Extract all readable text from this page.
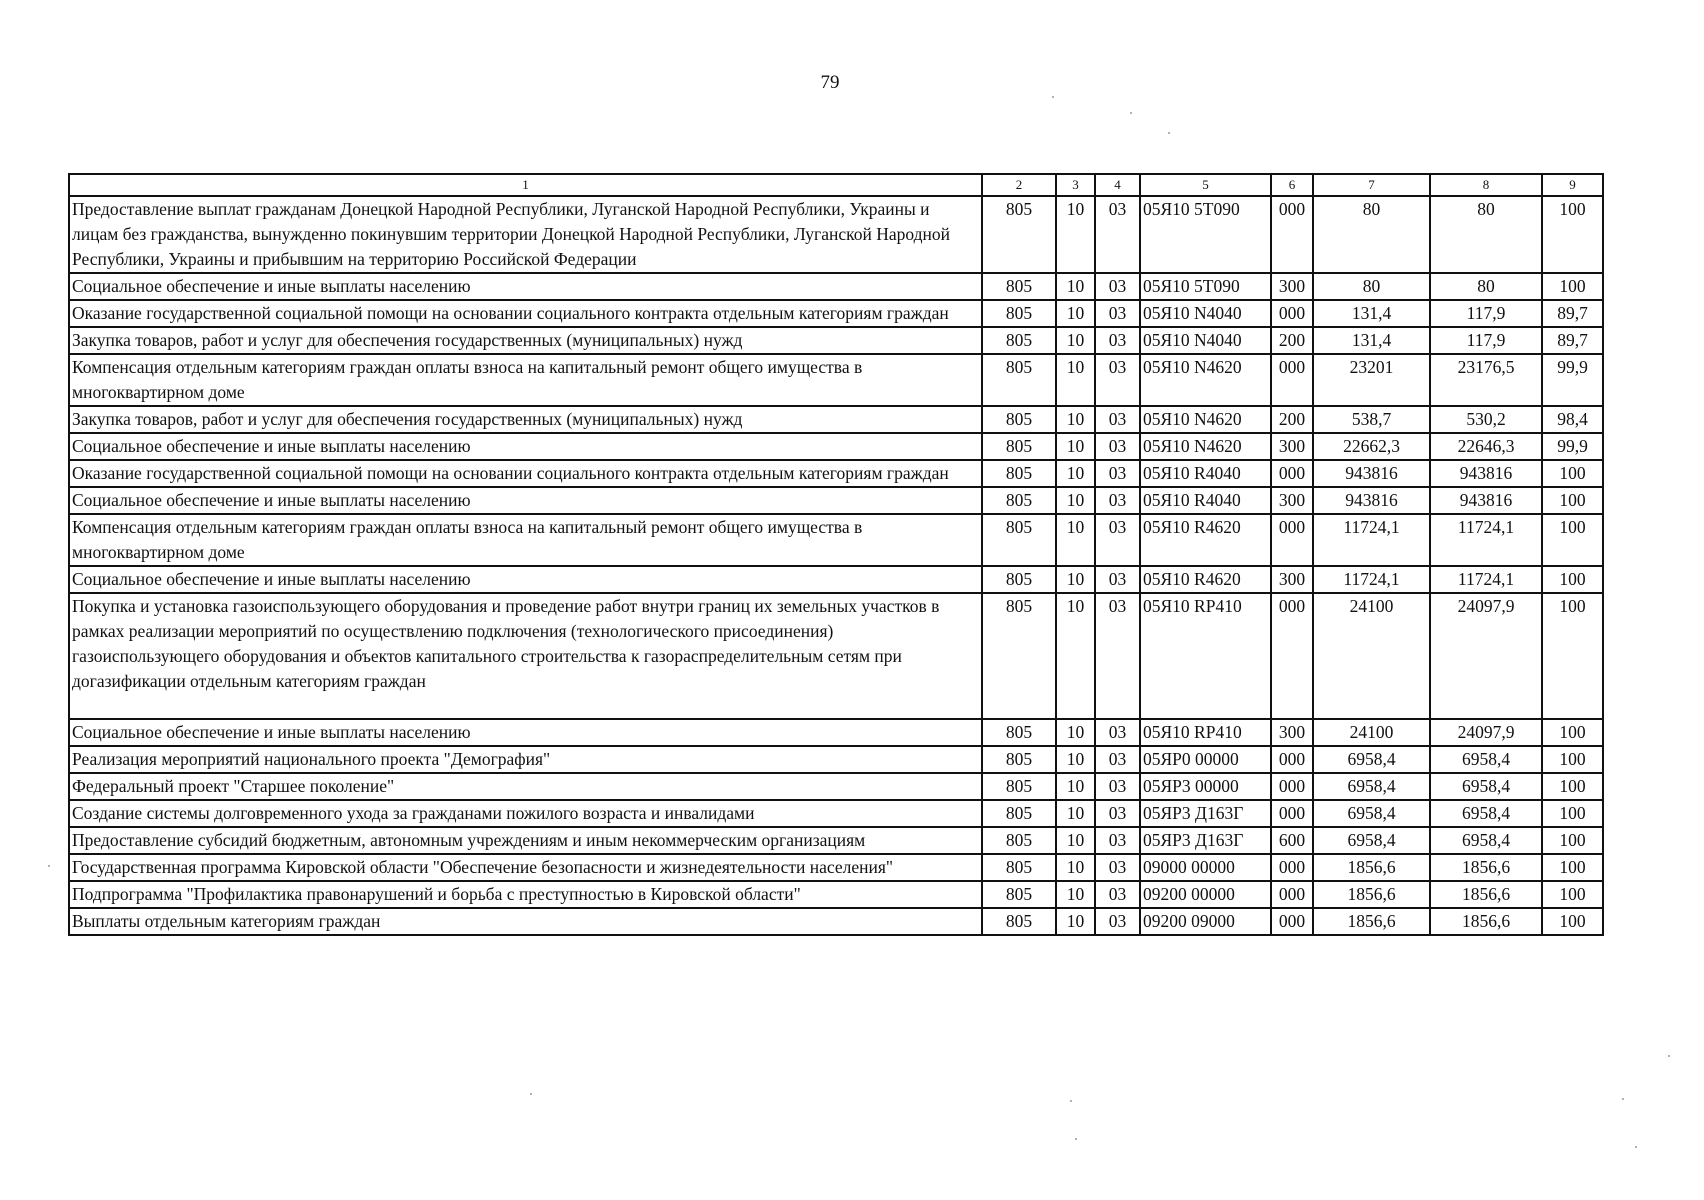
79
1	2	3	4	5	6	7	8	9
Предоставление выплат гражданам Донецкой Народной Республики, Луганской Народной Республики, Украины и лицам без гражданства, вынужденно покинувшим территории Донецкой Народной Республики, Луганской Народной Республики, Украины и прибывшим на территорию Российской Федерации	805	10	03	05Я10 5Т090	000	80	80	100
Социальное обеспечение и иные выплаты населению	805	10	03	05Я10 5Т090	300	80	80	100
Оказание государственной социальной помощи на основании социального контракта отдельным категориям граждан	805	10	03	05Я10 N4040	000	131,4	117,9	89,7
Закупка товаров, работ и услуг для обеспечения государственных (муниципальных) нужд	805	10	03	05Я10 N4040	200	131,4	117,9	89,7
Компенсация отдельным категориям граждан оплаты взноса на капитальный ремонт общего имущества в многоквартирном доме	805	10	03	05Я10 N4620	000	23201	23176,5	99,9
Закупка товаров, работ и услуг для обеспечения государственных (муниципальных) нужд	805	10	03	05Я10 N4620	200	538,7	530,2	98,4
Социальное обеспечение и иные выплаты населению	805	10	03	05Я10 N4620	300	22662,3	22646,3	99,9
Оказание государственной социальной помощи на основании социального контракта отдельным категориям граждан	805	10	03	05Я10 R4040	000	943816	943816	100
Социальное обеспечение и иные выплаты населению	805	10	03	05Я10 R4040	300	943816	943816	100
Компенсация отдельным категориям граждан оплаты взноса на капитальный ремонт общего имущества в многоквартирном доме	805	10	03	05Я10 R4620	000	11724,1	11724,1	100
Социальное обеспечение и иные выплаты населению	805	10	03	05Я10 R4620	300	11724,1	11724,1	100
Покупка и установка газоиспользующего оборудования и проведение работ внутри границ их земельных участков в рамках реализации мероприятий по осуществлению подключения (технологического присоединения) газоиспользующего оборудования и объектов капитального строительства к газораспределительным сетям при догазификации отдельным категориям граждан	805	10	03	05Я10 RР410	000	24100	24097,9	100
Социальное обеспечение и иные выплаты населению	805	10	03	05Я10 RР410	300	24100	24097,9	100
Реализация мероприятий национального проекта "Демография"	805	10	03	05ЯР0 00000	000	6958,4	6958,4	100
Федеральный проект "Старшее поколение"	805	10	03	05ЯР3 00000	000	6958,4	6958,4	100
Создание системы долговременного ухода за гражданами пожилого возраста и инвалидами	805	10	03	05ЯР3 Д163Г	000	6958,4	6958,4	100
Предоставление субсидий бюджетным, автономным учреждениям и иным некоммерческим организациям	805	10	03	05ЯР3 Д163Г	600	6958,4	6958,4	100
Государственная программа Кировской области "Обеспечение безопасности и жизнедеятельности населения"	805	10	03	09000 00000	000	1856,6	1856,6	100
Подпрограмма "Профилактика правонарушений и борьба с преступностью в Кировской области"	805	10	03	09200 00000	000	1856,6	1856,6	100
Выплаты отдельным категориям граждан	805	10	03	09200 09000	000	1856,6	1856,6	100
